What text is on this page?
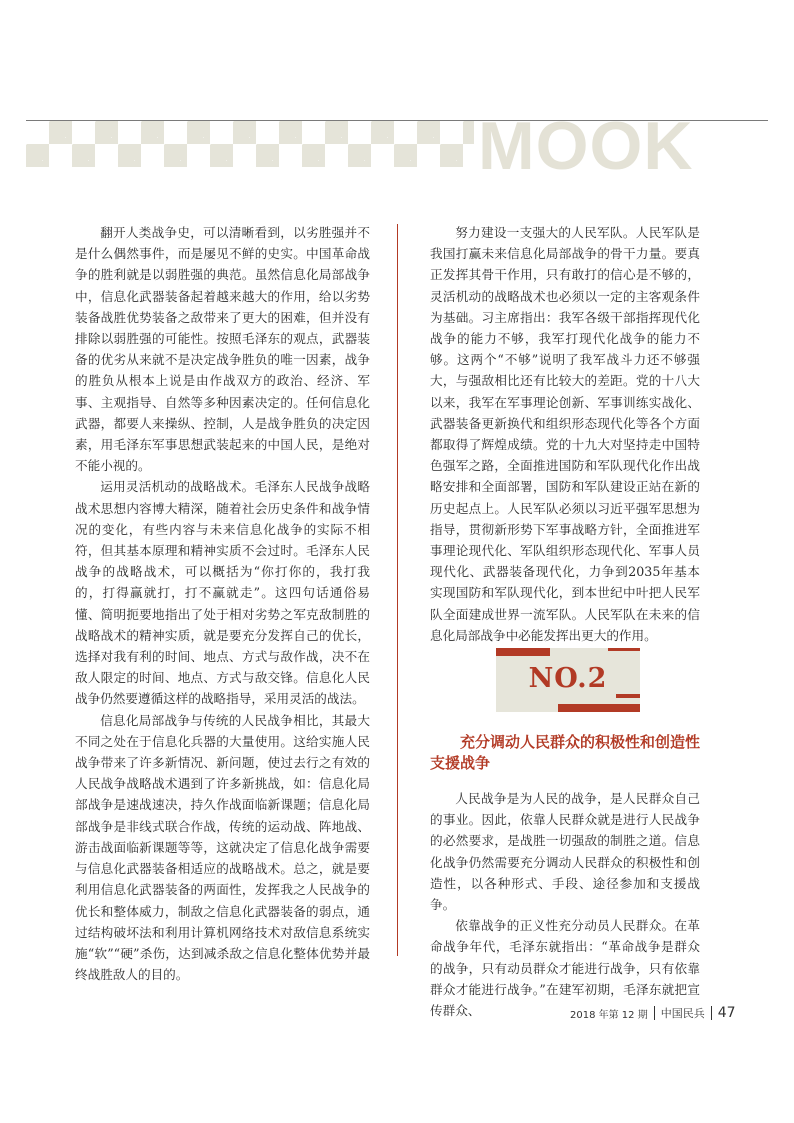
MOOK

翻开人类战争史，可以清晰看到，以劣胜强并不是什么偶然事件，而是屡见不鲜的史实。中国革命战争的胜利就是以弱胜强的典范。虽然信息化局部战争中，信息化武器装备起着越来越大的作用，给以劣势装备战胜优势装备之敌带来了更大的困难，但并没有排除以弱胜强的可能性。按照毛泽东的观点，武器装备的优劣从来就不是决定战争胜负的唯一因素，战争的胜负从根本上说是由作战双方的政治、经济、军事、主观指导、自然等多种因素决定的。任何信息化武器，都要人来操纵、控制，人是战争胜负的决定因素，用毛泽东军事思想武装起来的中国人民，是绝对不能小视的。

运用灵活机动的战略战术。毛泽东人民战争战略战术思想内容博大精深，随着社会历史条件和战争情况的变化，有些内容与未来信息化战争的实际不相符，但其基本原理和精神实质不会过时。毛泽东人民战争的战略战术，可以概括为“你打你的，我打我的，打得赢就打，打不赢就走”。这四句话通俗易懂、简明扼要地指出了处于相对劣势之军克敌制胜的战略战术的精神实质，就是要充分发挥自己的优长，选择对我有利的时间、地点、方式与敌作战，决不在敌人限定的时间、地点、方式与敌交锋。信息化人民战争仍然要遵循这样的战略指导，采用灵活的战法。

信息化局部战争与传统的人民战争相比，其最大不同之处在于信息化兵器的大量使用。这给实施人民战争带来了许多新情况、新问题，使过去行之有效的人民战争战略战术遇到了许多新挑战，如：信息化局部战争是速战速决，持久作战面临新课题；信息化局部战争是非线式联合作战，传统的运动战、阵地战、游击战面临新课题等等，这就决定了信息化战争需要与信息化武器装备相适应的战略战术。总之，就是要利用信息化武器装备的两面性，发挥我之人民战争的优长和整体威力，制敌之信息化武器装备的弱点，通过结构破坏法和利用计算机网络技术对敌信息系统实施“软”“硬”杀伤，达到减杀敌之信息化整体优势并最终战胜敌人的目的。

努力建设一支强大的人民军队。人民军队是我国打赢未来信息化局部战争的骨干力量。要真正发挥其骨干作用，只有敢打的信心是不够的，灵活机动的战略战术也必须以一定的主客观条件为基础。习主席指出：我军各级干部指挥现代化战争的能力不够，我军打现代化战争的能力不够。这两个“不够”说明了我军战斗力还不够强大，与强敌相比还有比较大的差距。党的十八大以来，我军在军事理论创新、军事训练实战化、武器装备更新换代和组织形态现代化等各个方面都取得了辉煌成绩。党的十九大对坚持走中国特色强军之路，全面推进国防和军队现代化作出战略安排和全面部署，国防和军队建设正站在新的历史起点上。人民军队必须以习近平强军思想为指导，贯彻新形势下军事战略方针，全面推进军事理论现代化、军队组织形态现代化、军事人员现代化、武器装备现代化，力争到2035年基本实现国防和军队现代化，到本世纪中叶把人民军队全面建成世界一流军队。人民军队在未来的信息化局部战争中必能发挥出更大的作用。

NO.2
充分调动人民群众的积极性和创造性支援战争

人民战争是为人民的战争，是人民群众自己的事业。因此，依靠人民群众就是进行人民战争的必然要求，是战胜一切强敌的制胜之道。信息化战争仍然需要充分调动人民群众的积极性和创造性，以各种形式、手段、途径参加和支援战争。

依靠战争的正义性充分动员人民群众。在革命战争年代，毛泽东就指出：“革命战争是群众的战争，只有动员群众才能进行战争，只有依靠群众才能进行战争。”在建军初期，毛泽东就把宣传群众、	2018 年第 12 期 中国民兵 47
